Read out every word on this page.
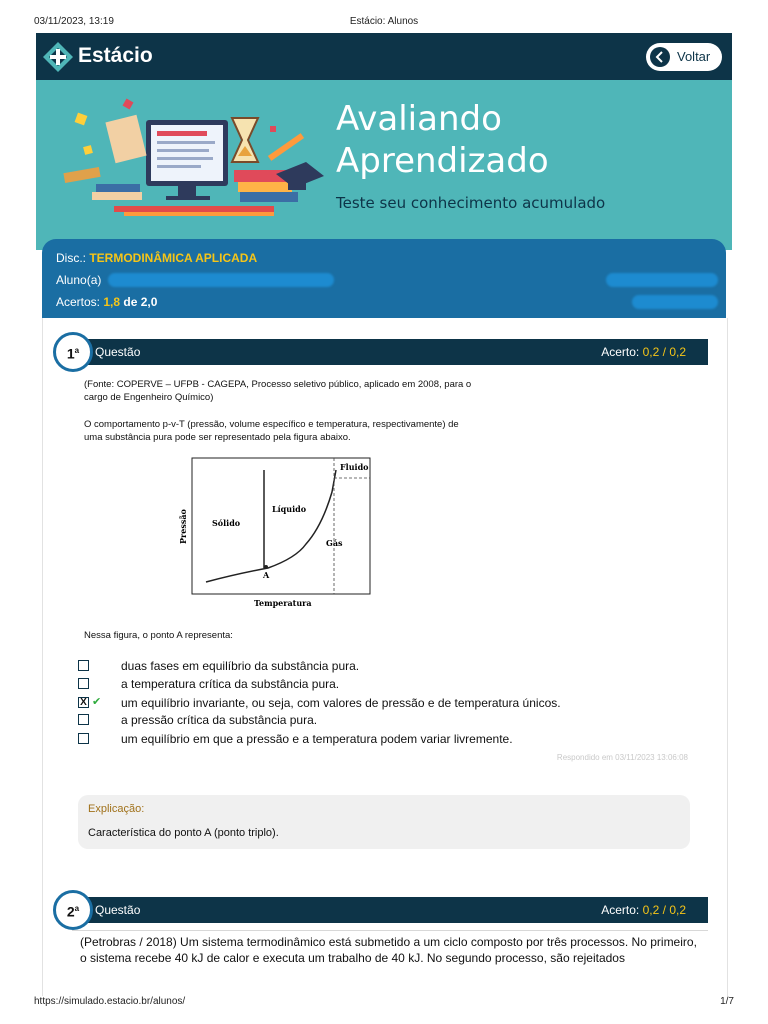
03/11/2023, 13:19	Estácio: Alunos
Estácio	Voltar
Avaliando
Aprendizado
Teste seu conhecimento acumulado
Disc.: TERMODINÂMICA APLICADA
Aluno(a)
Acertos: 1,8 de 2,0
Questão	Acerto: 0,2 / 0,2
1$^a$
(Fonte: COPERVE – UFPB - CAGEPA, Processo seletivo público, aplicado em 2008, para o
cargo de Engenheiro Químico)
O comportamento p-v-T (pressão, volume específico e temperatura, respectivamente) de
uma substância pura pode ser representado pela figura abaixo.
Fluido
Líquido
Sólido
Gás
A
Pressão
Temperatura
Nessa figura, o ponto A representa:
duas fases em equilíbrio da substância pura.
a temperatura crítica da substância pura.
X ✔ um equilíbrio invariante, ou seja, com valores de pressão e de temperatura únicos.
a pressão crítica da substância pura.
um equilíbrio em que a pressão e a temperatura podem variar livremente.
Respondido em 03/11/2023 13:06:08
Explicação:
Característica do ponto A (ponto triplo).
Questão	Acerto: 0,2 / 0,2
2$^a$
(Petrobras / 2018) Um sistema termodinâmico está submetido a um ciclo composto por três processos. No primeiro, o sistema recebe 40 kJ de calor e executa um trabalho de 40 kJ. No segundo processo, são rejeitados
https://simulado.estacio.br/alunos/	1/7
